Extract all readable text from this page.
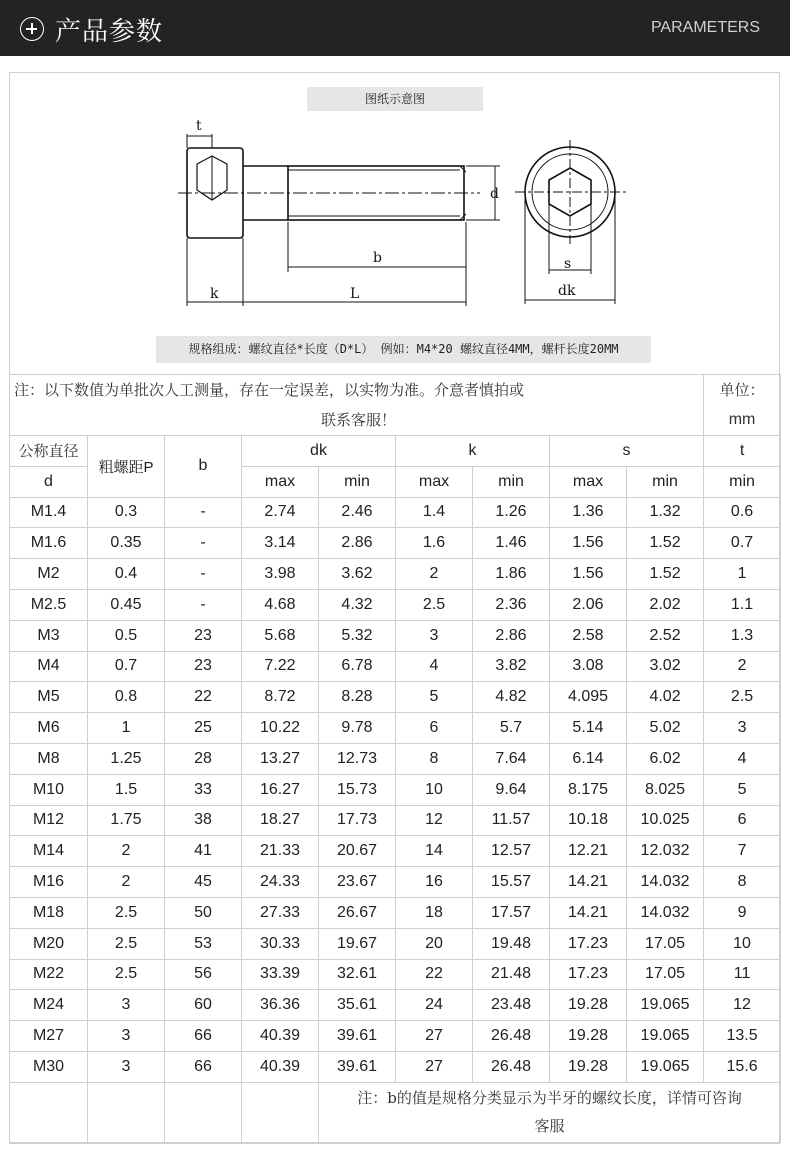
产品参数	PARAMETERS
图纸示意图
t
d
b
k	L
s
dk
规格组成：螺纹直径*长度（D*L） 例如：M4*20 螺纹直径4MM，螺杆长度20MM
注：以下数值为单批次人工测量，存在一定误差，以实物为准。介意者慎拍或
联系客服！									单位：
mm

公称直径	粗螺距P	b	dk		k		s		t
d			max	min	max	min	max	min	min
M1.4	0.3	-	2.74	2.46	1.4	1.26	1.36	1.32	0.6
M1.6	0.35	-	3.14	2.86	1.6	1.46	1.56	1.52	0.7
M2	0.4	-	3.98	3.62	2	1.86	1.56	1.52	1
M2.5	0.45	-	4.68	4.32	2.5	2.36	2.06	2.02	1.1
M3	0.5	23	5.68	5.32	3	2.86	2.58	2.52	1.3
M4	0.7	23	7.22	6.78	4	3.82	3.08	3.02	2
M5	0.8	22	8.72	8.28	5	4.82	4.095	4.02	2.5
M6	1	25	10.22	9.78	6	5.7	5.14	5.02	3
M8	1.25	28	13.27	12.73	8	7.64	6.14	6.02	4
M10	1.5	33	16.27	15.73	10	9.64	8.175	8.025	5
M12	1.75	38	18.27	17.73	12	11.57	10.18	10.025	6
M14	2	41	21.33	20.67	14	12.57	12.21	12.032	7
M16	2	45	24.33	23.67	16	15.57	14.21	14.032	8
M18	2.5	50	27.33	26.67	18	17.57	14.21	14.032	9
M20	2.5	53	30.33	19.67	20	19.48	17.23	17.05	10
M22	2.5	56	33.39	32.61	22	21.48	17.23	17.05	11
M24	3	60	36.36	35.61	24	23.48	19.28	19.065	12
M27	3	66	40.39	39.61	27	26.48	19.28	19.065	13.5
M30	3	66	40.39	39.61	27	26.48	19.28	19.065	15.6

				注：b的值是规格分类显示为半牙的螺纹长度，详情可咨询
客服					
